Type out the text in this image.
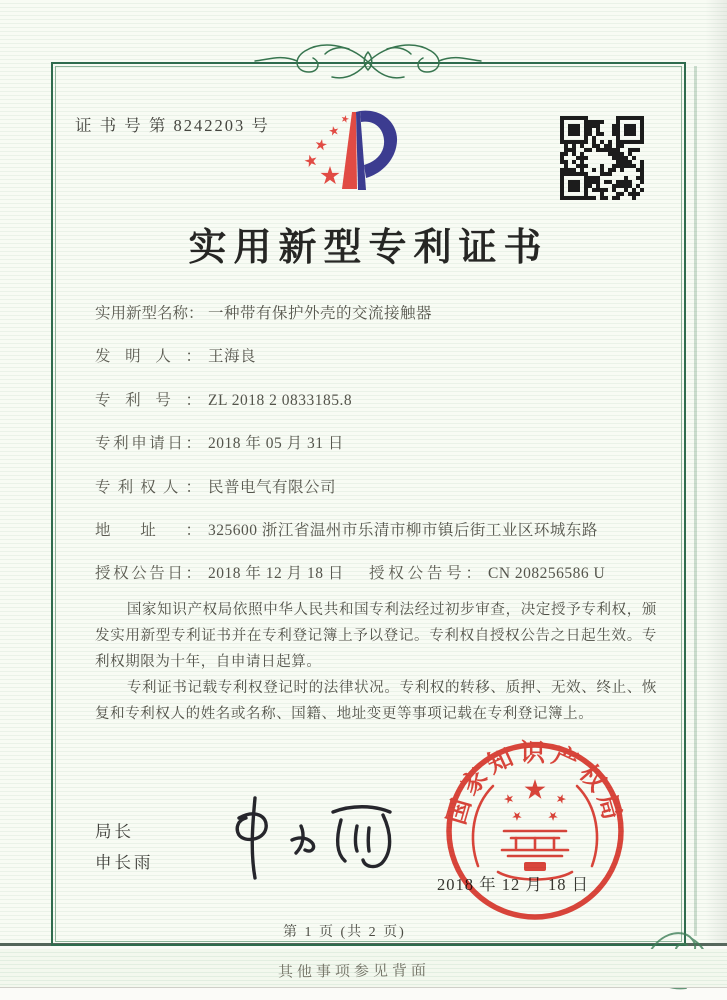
证 书 号 第 8242203 号
实用新型专利证书
实用新型名称： 一种带有保护外壳的交流接触器
发明人： 王海良
专利号： ZL 2018 2 0833185.8
专利申请日： 2018 年 05 月 31 日
专利权人： 民普电气有限公司
地址： 325600 浙江省温州市乐清市柳市镇后街工业区环城东路
授权公告日： 2018 年 12 月 18 日 授权公告号： CN 208256586 U

国家知识产权局依照中华人民共和国专利法经过初步审查，决定授予专利权，颁发实用新型专利证书并在专利登记簿上予以登记。专利权自授权公告之日起生效。专利权期限为十年，自申请日起算。

专利证书记载专利权登记时的法律状况。专利权的转移、质押、无效、终止、恢复和专利权人的姓名或名称、国籍、地址变更等事项记载在专利登记簿上。

局长
申长雨
2018 年 12 月 18 日
国家知识产权局
第 1 页 (共 2 页)
其他事项参见背面
